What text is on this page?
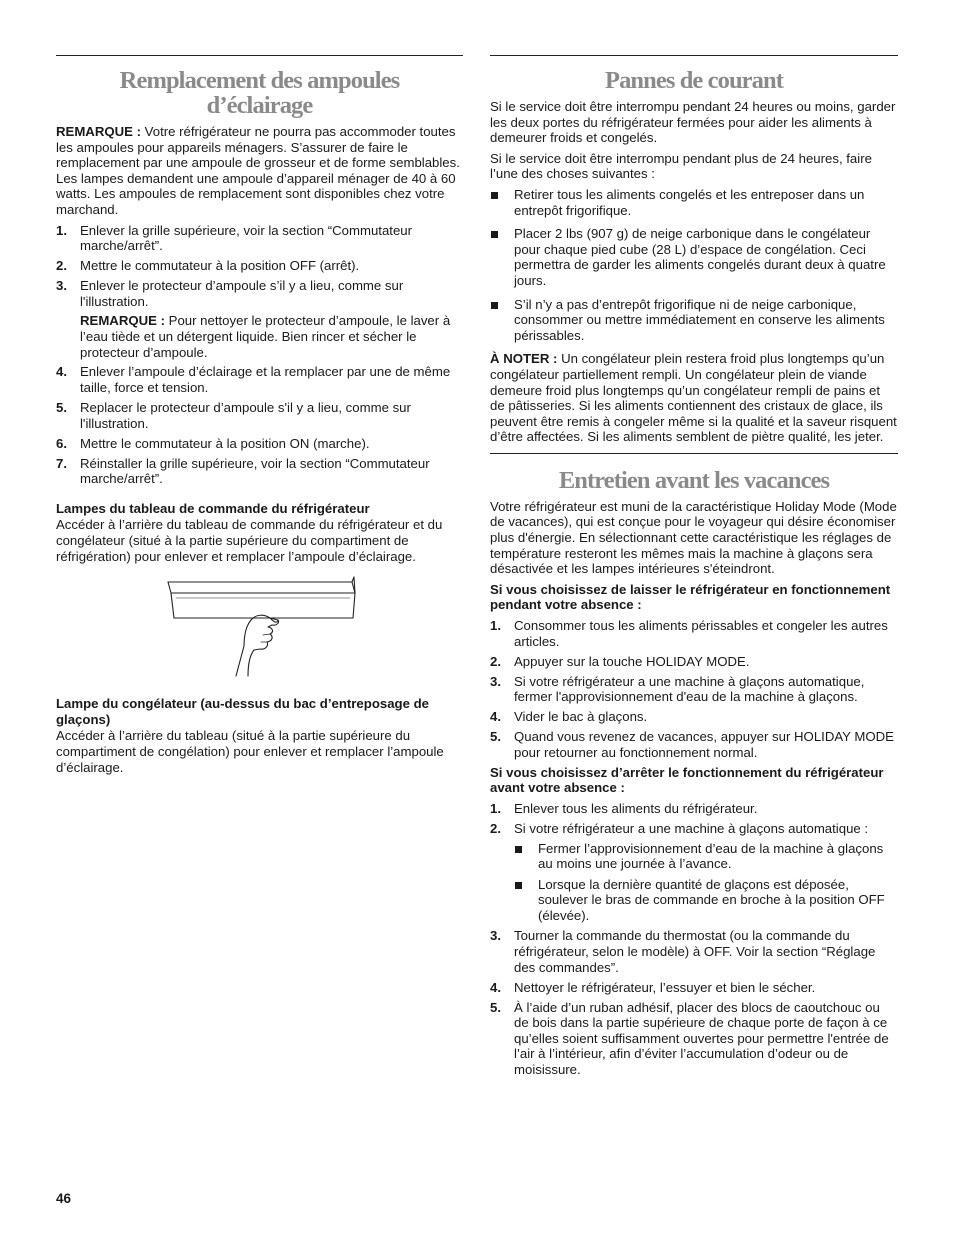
Remplacement des ampoules
d’éclairage

REMARQUE : Votre réfrigérateur ne pourra pas accommoder toutes les ampoules pour appareils ménagers. S’assurer de faire le remplacement par une ampoule de grosseur et de forme semblables. Les lampes demandent une ampoule d’appareil ménager de 40 à 60 watts. Les ampoules de remplacement sont disponibles chez votre marchand.

1. Enlever la grille supérieure, voir la section “Commutateur marche/arrêt”.
2. Mettre le commutateur à la position OFF (arrêt).
3. Enlever le protecteur d’ampoule s’il y a lieu, comme sur l'illustration.

REMARQUE : Pour nettoyer le protecteur d’ampoule, le laver à l’eau tiède et un détergent liquide. Bien rincer et sécher le protecteur d’ampoule.

4. Enlever l’ampoule d’éclairage et la remplacer par une de même taille, force et tension.
5. Replacer le protecteur d’ampoule s'il y a lieu, comme sur l'illustration.
6. Mettre le commutateur à la position ON (marche).
7. Réinstaller la grille supérieure, voir la section “Commutateur marche/arrêt”.
Lampes du tableau de commande du réfrigérateur

Accéder à l’arrière du tableau de commande du réfrigérateur et du congélateur (situé à la partie supérieure du compartiment de réfrigération) pour enlever et remplacer l’ampoule d’éclairage.

Lampe du congélateur (au-dessus du bac d’entreposage de glaçons)

Accéder à l’arrière du tableau (situé à la partie supérieure du compartiment de congélation) pour enlever et remplacer l’ampoule d’éclairage.

Pannes de courant

Si le service doit être interrompu pendant 24 heures ou moins, garder les deux portes du réfrigérateur fermées pour aider les aliments à demeurer froids et congelés.

Si le service doit être interrompu pendant plus de 24 heures, faire l’une des choses suivantes :

Retirer tous les aliments congelés et les entreposer dans un entrepôt frigorifique.
Placer 2 lbs (907 g) de neige carbonique dans le congélateur pour chaque pied cube (28 L) d’espace de congélation. Ceci permettra de garder les aliments congelés durant deux à quatre jours.
S’il n’y a pas d’entrepôt frigorifique ni de neige carbonique, consommer ou mettre immédiatement en conserve les aliments périssables.

À NOTER : Un congélateur plein restera froid plus longtemps qu’un congélateur partiellement rempli. Un congélateur plein de viande demeure froid plus longtemps qu’un congélateur rempli de pains et de pâtisseries. Si les aliments contiennent des cristaux de glace, ils peuvent être remis à congeler même si la qualité et la saveur risquent d’être affectées. Si les aliments semblent de piètre qualité, les jeter.

Entretien avant les vacances

Votre réfrigérateur est muni de la caractéristique Holiday Mode (Mode de vacances), qui est conçue pour le voyageur qui désire économiser plus d'énergie. En sélectionnant cette caractéristique les réglages de température resteront les mêmes mais la machine à glaçons sera désactivée et les lampes intérieures s'éteindront.

Si vous choisissez de laisser le réfrigérateur en fonctionnement pendant votre absence :

1. Consommer tous les aliments périssables et congeler les autres articles.
2. Appuyer sur la touche HOLIDAY MODE.
3. Si votre réfrigérateur a une machine à glaçons automatique, fermer l'approvisionnement d'eau de la machine à glaçons.
4. Vider le bac à glaçons.
5. Quand vous revenez de vacances, appuyer sur HOLIDAY MODE pour retourner au fonctionnement normal.

Si vous choisissez d’arrêter le fonctionnement du réfrigérateur avant votre absence :

1. Enlever tous les aliments du réfrigérateur.
2. Si votre réfrigérateur a une machine à glaçons automatique :
Fermer l’approvisionnement d’eau de la machine à glaçons au moins une journée à l’avance.
Lorsque la dernière quantité de glaçons est déposée, soulever le bras de commande en broche à la position OFF (élevée).
3. Tourner la commande du thermostat (ou la commande du réfrigérateur, selon le modèle) à OFF. Voir la section “Réglage des commandes”.
4. Nettoyer le réfrigérateur, l’essuyer et bien le sécher.
5. À l’aide d’un ruban adhésif, placer des blocs de caoutchouc ou de bois dans la partie supérieure de chaque porte de façon à ce qu’elles soient suffisamment ouvertes pour permettre l'entrée de l’air à l’intérieur, afin d’éviter l’accumulation d’odeur ou de moisissure.
46
